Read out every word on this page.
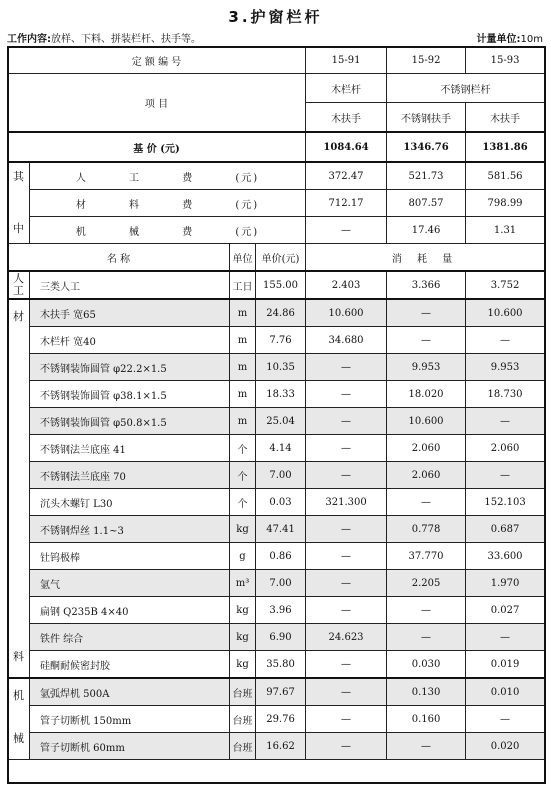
3.护窗栏杆
工作内容:放样、下料、拼装栏杆、扶手等。	计量单位:10m
定 额 编 号				15-91	15-92	15-93
项 目				木栏杆	不锈钢栏杆	
				木扶手	不锈钢扶手	木扶手
基 价 (元)				1084.64	1346.76	1381.86

其
中	人 工 费 (元)			372.47	521.73	581.56
	材 料 费 (元)			712.17	807.57	798.99
	机 械 费 (元)			—	17.46	1.31
名 称		单位	单价(元)	消 耗 量		
人工	三类人工	工日	155.00	2.403	3.366	3.752

材
料	木扶手 宽65	m	24.86	10.600	—	10.600
	木栏杆 宽40	m	7.76	34.680	—	—
	不锈钢装饰圆管 φ22.2×1.5	m	10.35	—	9.953	9.953
	不锈钢装饰圆管 φ38.1×1.5	m	18.33	—	18.020	18.730
	不锈钢装饰圆管 φ50.8×1.5	m	25.04	—	10.600	—
	不锈钢法兰底座 41	个	4.14	—	2.060	2.060
	不锈钢法兰底座 70	个	7.00	—	2.060	—
	沉头木螺钉 L30	个	0.03	321.300	—	152.103
	不锈钢焊丝 1.1~3	kg	47.41	—	0.778	0.687
	钍钨极棒	g	0.86	—	37.770	33.600
	氩气	m³	7.00	—	2.205	1.970
	扁钢 Q235B 4×40	kg	3.96	—	—	0.027
	铁件 综合	kg	6.90	24.623	—	—
	硅酮耐候密封胶	kg	35.80	—	0.030	0.019

机
械	氩弧焊机 500A	台班	97.67	—	0.130	0.010
	管子切断机 150mm	台班	29.76	—	0.160	—
	管子切断机 60mm	台班	16.62	—	—	0.020
